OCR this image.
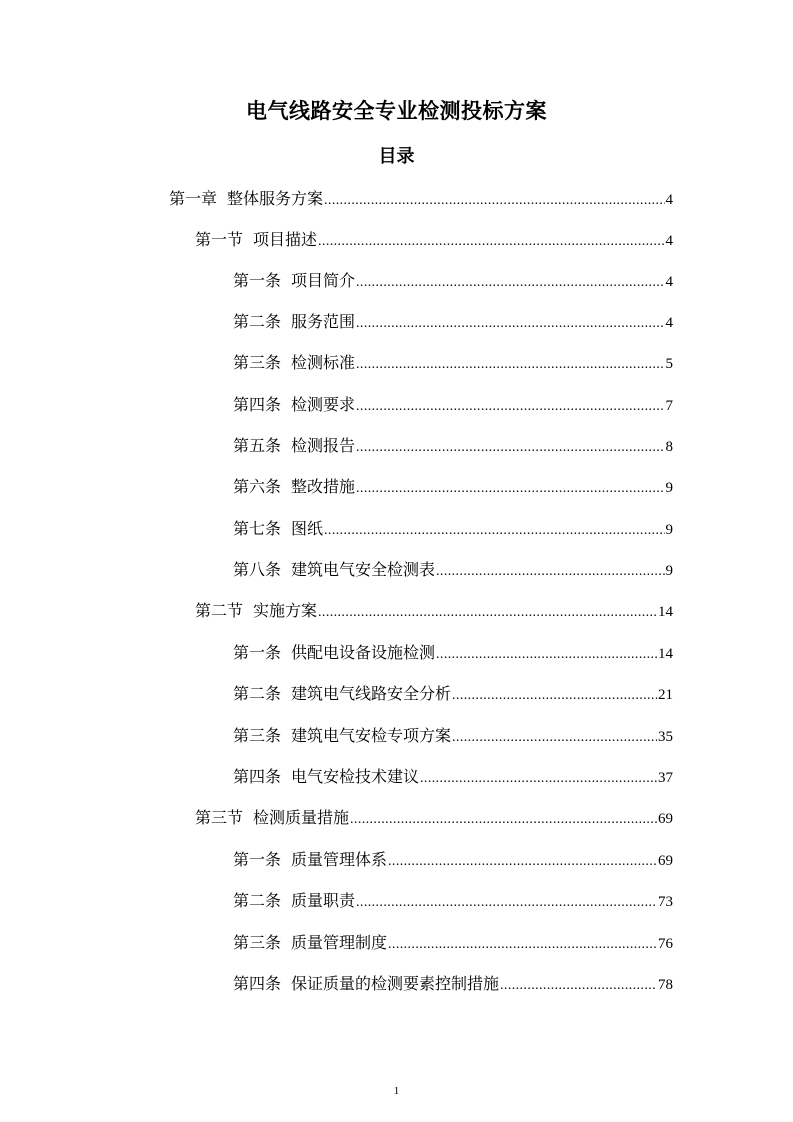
电气线路安全专业检测投标方案
目录
第一章 整体服务方案 .....	4
第一节 项目描述 .....	4
第一条 项目简介 .....	4
第二条 服务范围 .....	4
第三条 检测标准 .....	5
第四条 检测要求 .....	7
第五条 检测报告 .....	8
第六条 整改措施 .....	9
第七条 图纸 .....	9
第八条 建筑电气安全检测表 .....	9
第二节 实施方案 .....	14
第一条 供配电设备设施检测 .....	14
第二条 建筑电气线路安全分析 .....	21
第三条 建筑电气安检专项方案 .....	35
第四条 电气安检技术建议 .....	37
第三节 检测质量措施 .....	69
第一条 质量管理体系 .....	69
第二条 质量职责 .....	73
第三条 质量管理制度 .....	76
第四条 保证质量的检测要素控制措施 .....	78
1
